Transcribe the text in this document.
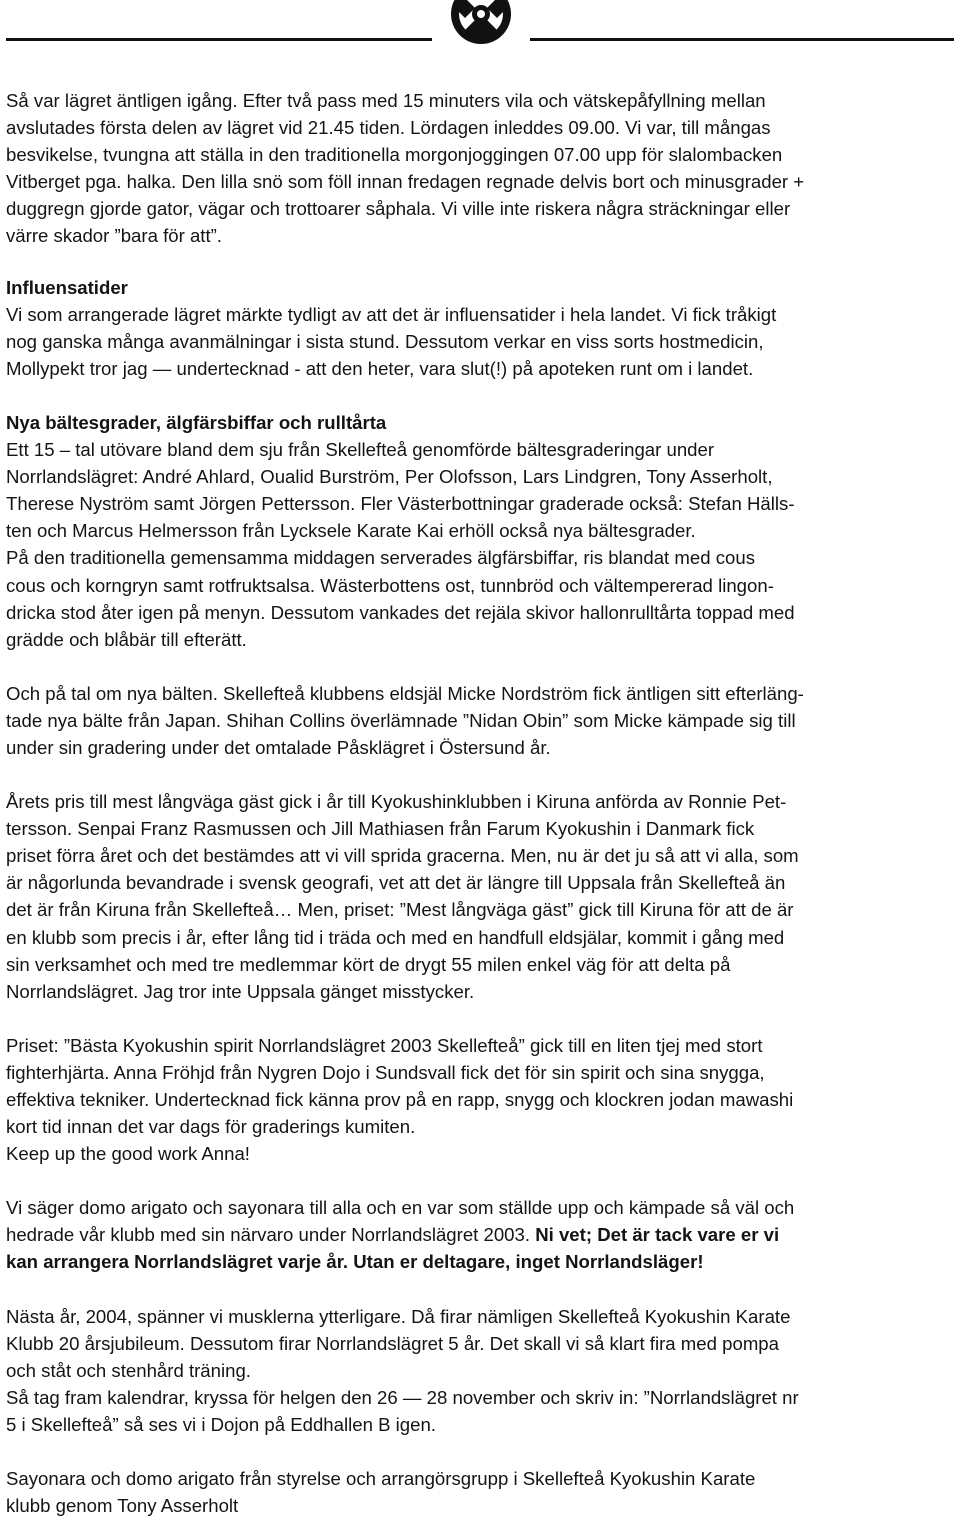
Så var lägret äntligen igång. Efter två pass med 15 minuters vila och vätskepåfyllning mellan
avslutades första delen av lägret vid 21.45 tiden. Lördagen inleddes 09.00. Vi var, till mångas
besvikelse, tvungna att ställa in den traditionella morgonjoggingen 07.00 upp för slalombacken
Vitberget pga. halka. Den lilla snö som föll innan fredagen regnade delvis bort och minusgrader +
duggregn gjorde gator, vägar och trottoarer såphala. Vi ville inte riskera några sträckningar eller
värre skador ”bara för att”.

Influensatider

Vi som arrangerade lägret märkte tydligt av att det är influensatider i hela landet. Vi fick tråkigt
nog ganska många avanmälningar i sista stund. Dessutom verkar en viss sorts hostmedicin,
Mollypekt tror jag — undertecknad - att den heter, vara slut(!) på apoteken runt om i landet.

Nya bältesgrader, älgfärsbiffar och rulltårta

Ett 15 – tal utövare bland dem sju från Skellefteå genomförde bältesgraderingar under
Norrlandslägret: André Ahlard, Oualid Burström, Per Olofsson, Lars Lindgren, Tony Asserholt,
Therese Nyström samt Jörgen Pettersson. Fler Västerbottningar graderade också: Stefan Hälls-
ten och Marcus Helmersson från Lycksele Karate Kai erhöll också nya bältesgrader.

På den traditionella gemensamma middagen serverades älgfärsbiffar, ris blandat med cous
cous och korngryn samt rotfruktsalsa. Wästerbottens ost, tunnbröd och vältempererad lingon-
dricka stod åter igen på menyn. Dessutom vankades det rejäla skivor hallonrulltårta toppad med
grädde och blåbär till efterätt.

Och på tal om nya bälten. Skellefteå klubbens eldsjäl Micke Nordström fick äntligen sitt efterläng-
tade nya bälte från Japan. Shihan Collins överlämnade ”Nidan Obin” som Micke kämpade sig till
under sin gradering under det omtalade Påsklägret i Östersund år.

Årets pris till mest långväga gäst gick i år till Kyokushinklubben i Kiruna anförda av Ronnie Pet-
tersson. Senpai Franz Rasmussen och Jill Mathiasen från Farum Kyokushin i Danmark fick
priset förra året och det bestämdes att vi vill sprida gracerna. Men, nu är det ju så att vi alla, som
är någorlunda bevandrade i svensk geografi, vet att det är längre till Uppsala från Skellefteå än
det är från Kiruna från Skellefteå… Men, priset: ”Mest långväga gäst” gick till Kiruna för att de är
en klubb som precis i år, efter lång tid i träda och med en handfull eldsjälar, kommit i gång med
sin verksamhet och med tre medlemmar kört de drygt 55 milen enkel väg för att delta på
Norrlandslägret. Jag tror inte Uppsala gänget misstycker.

Priset: ”Bästa Kyokushin spirit Norrlandslägret 2003 Skellefteå” gick till en liten tjej med stort
fighterhjärta. Anna Fröhjd från Nygren Dojo i Sundsvall fick det för sin spirit och sina snygga,
effektiva tekniker. Undertecknad fick känna prov på en rapp, snygg och klockren jodan mawashi
kort tid innan det var dags för graderings kumiten.
Keep up the good work Anna!

Vi säger domo arigato och sayonara till alla och en var som ställde upp och kämpade så väl och
hedrade vår klubb med sin närvaro under Norrlandslägret 2003. Ni vet; Det är tack vare er vi
kan arrangera Norrlandslägret varje år. Utan er deltagare, inget Norrlandsläger!

Nästa år, 2004, spänner vi musklerna ytterligare. Då firar nämligen Skellefteå Kyokushin Karate
Klubb 20 årsjubileum. Dessutom firar Norrlandslägret 5 år. Det skall vi så klart fira med pompa
och ståt och stenhård träning.
Så tag fram kalendrar, kryssa för helgen den 26 — 28 november och skriv in: ”Norrlandslägret nr
5 i Skellefteå” så ses vi i Dojon på Eddhallen B igen.

Sayonara och domo arigato från styrelse och arrangörsgrupp i Skellefteå Kyokushin Karate
klubb genom Tony Asserholt
